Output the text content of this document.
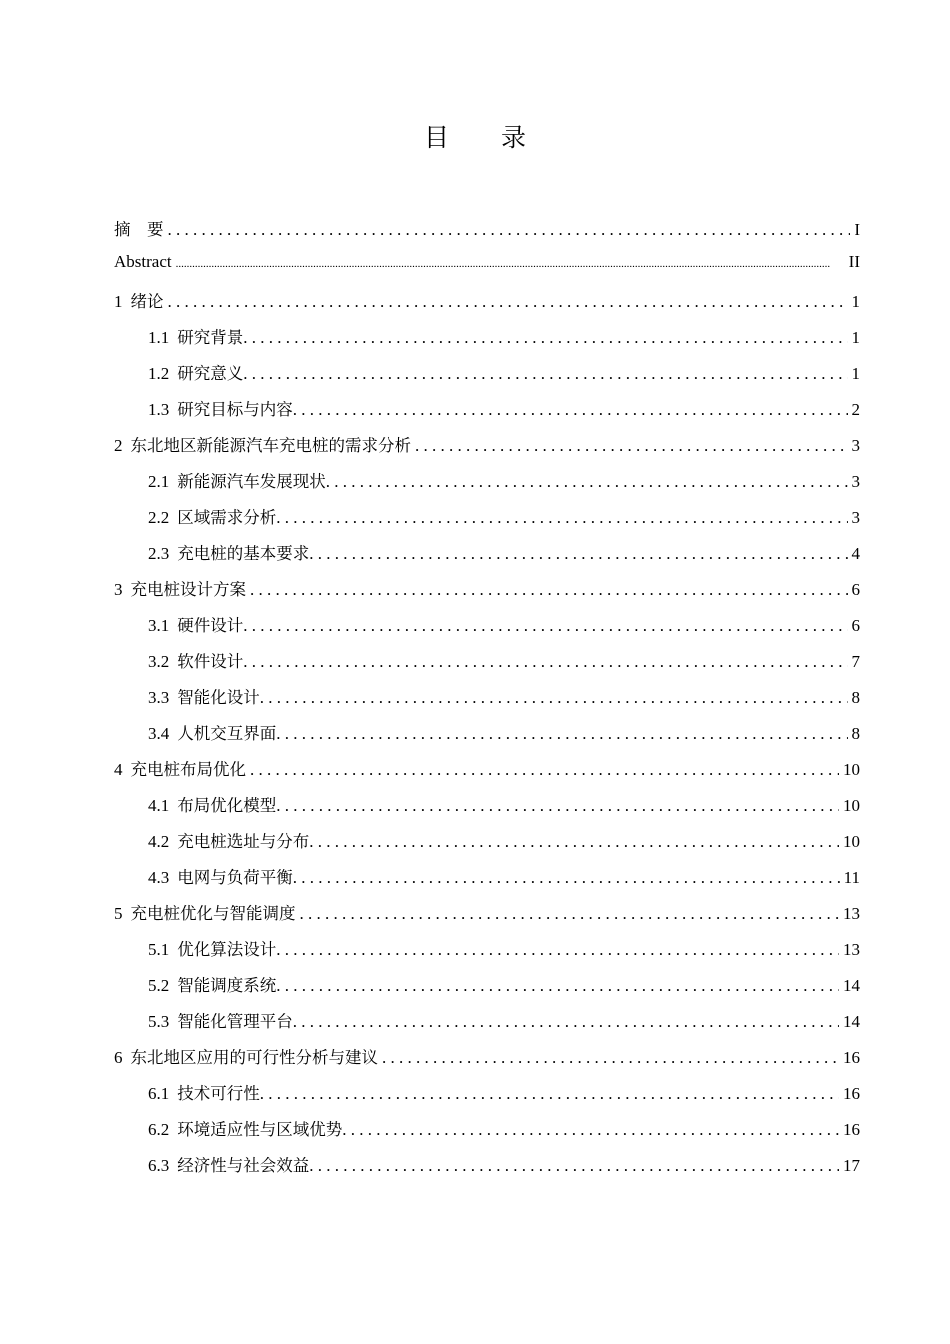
目 录
摘　要 . . .	I
Abstract .....	II
1 绪论 . . .	1
1.1 研究背景 . . .	1
1.2 研究意义 . . .	1
1.3 研究目标与内容 . . .	2
2 东北地区新能源汽车充电桩的需求分析 . . .	3
2.1 新能源汽车发展现状 . . .	3
2.2 区域需求分析 . . .	3
2.3 充电桩的基本要求 . . .	4
3 充电桩设计方案 . . .	6
3.1 硬件设计 . . .	6
3.2 软件设计 . . .	7
3.3 智能化设计 . . .	8
3.4 人机交互界面 . . .	8
4 充电桩布局优化 . . .	10
4.1 布局优化模型 . . .	10
4.2 充电桩选址与分布 . . .	10
4.3 电网与负荷平衡 . . .	11
5 充电桩优化与智能调度 . . .	13
5.1 优化算法设计 . . .	13
5.2 智能调度系统 . . .	14
5.3 智能化管理平台 . . .	14
6 东北地区应用的可行性分析与建议 . . .	16
6.1 技术可行性 . . .	16
6.2 环境适应性与区域优势 . . .	16
6.3 经济性与社会效益 . . .	17
